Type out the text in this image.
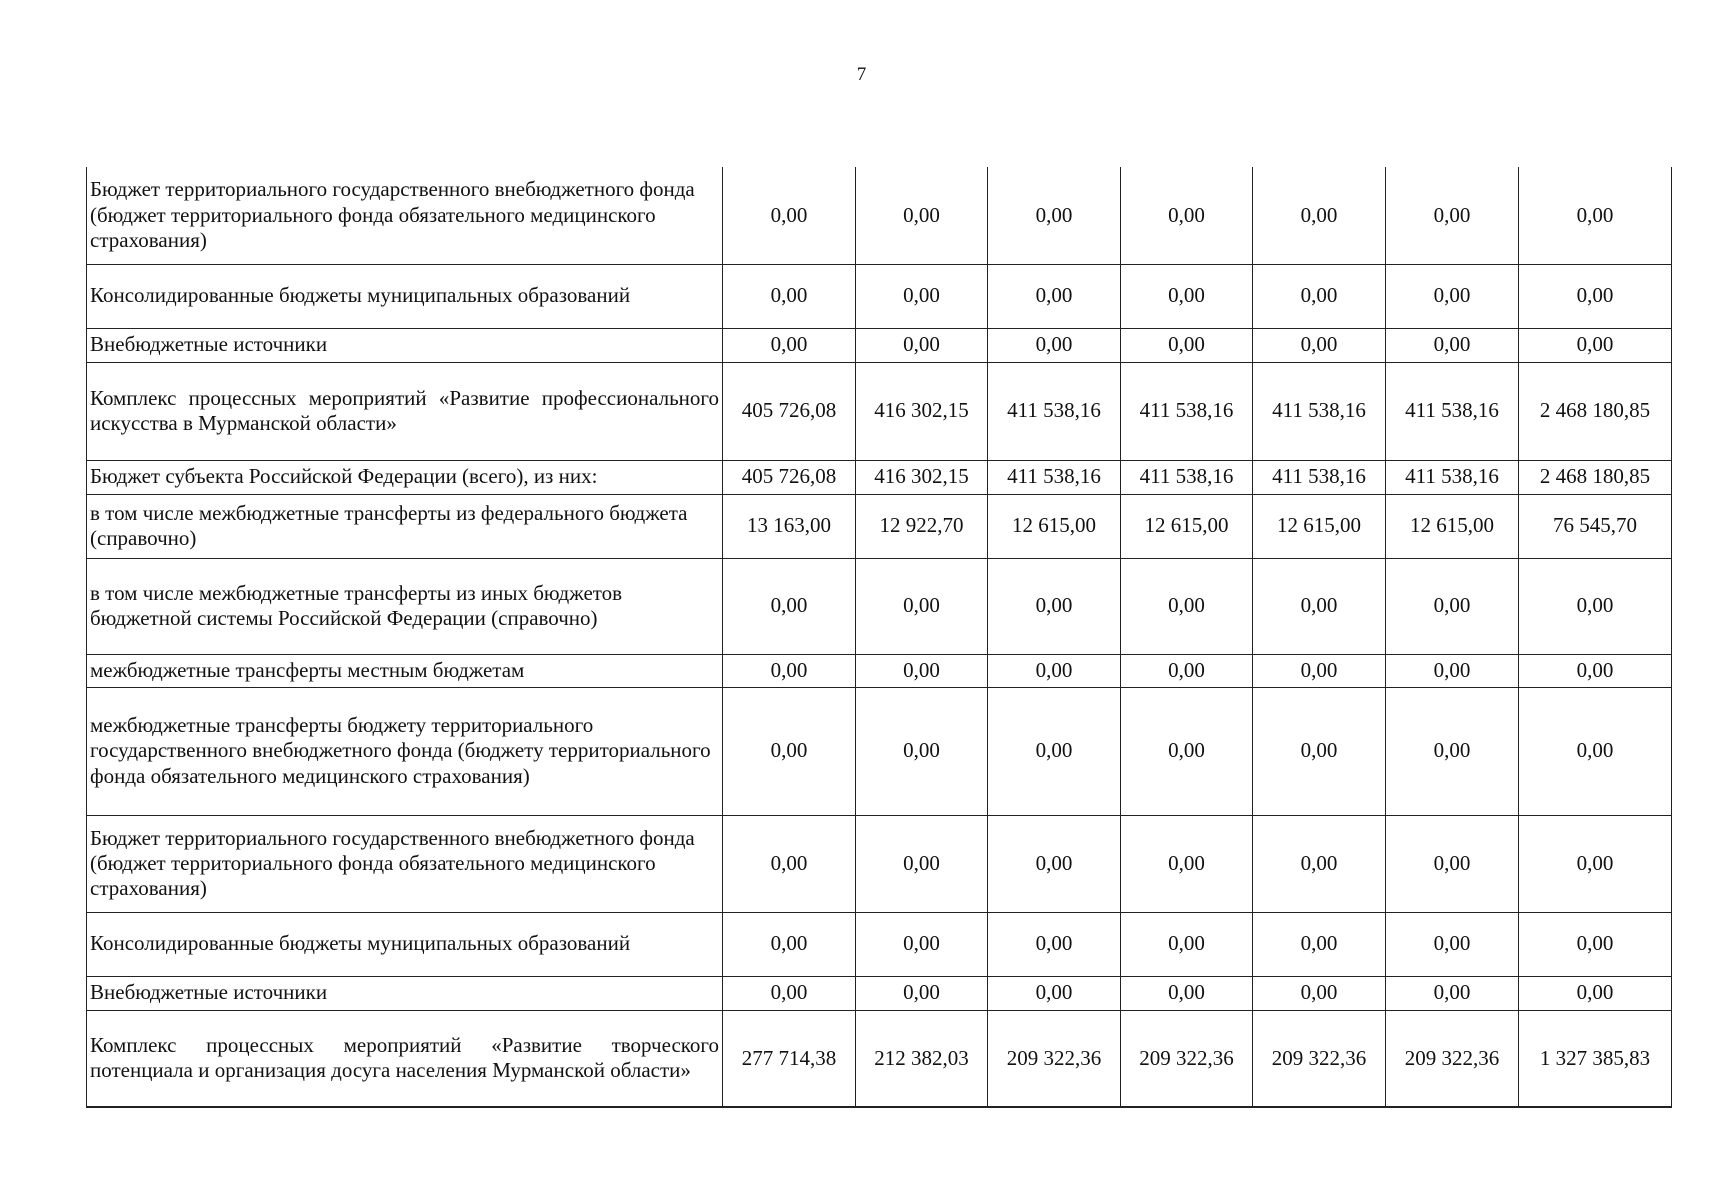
7
Бюджет территориального государственного внебюджетного фонда (бюджет территориального фонда обязательного медицинского страхования)	0,00	0,00	0,00	0,00	0,00	0,00	0,00
Консолидированные бюджеты муниципальных образований	0,00	0,00	0,00	0,00	0,00	0,00	0,00
Внебюджетные источники	0,00	0,00	0,00	0,00	0,00	0,00	0,00
Комплекс процессных мероприятий «Развитие профессионального искусства в Мурманской области»	405 726,08	416 302,15	411 538,16	411 538,16	411 538,16	411 538,16	2 468 180,85
Бюджет субъекта Российской Федерации (всего), из них:	405 726,08	416 302,15	411 538,16	411 538,16	411 538,16	411 538,16	2 468 180,85
в том числе межбюджетные трансферты из федерального бюджета (справочно)	13 163,00	12 922,70	12 615,00	12 615,00	12 615,00	12 615,00	76 545,70
в том числе межбюджетные трансферты из иных бюджетов бюджетной системы Российской Федерации (справочно)	0,00	0,00	0,00	0,00	0,00	0,00	0,00
межбюджетные трансферты местным бюджетам	0,00	0,00	0,00	0,00	0,00	0,00	0,00
межбюджетные трансферты бюджету территориального государственного внебюджетного фонда (бюджету территориального фонда обязательного медицинского страхования)	0,00	0,00	0,00	0,00	0,00	0,00	0,00
Бюджет территориального государственного внебюджетного фонда (бюджет территориального фонда обязательного медицинского страхования)	0,00	0,00	0,00	0,00	0,00	0,00	0,00
Консолидированные бюджеты муниципальных образований	0,00	0,00	0,00	0,00	0,00	0,00	0,00
Внебюджетные источники	0,00	0,00	0,00	0,00	0,00	0,00	0,00
Комплекс процессных мероприятий «Развитие творческого потенциала и организация досуга населения Мурманской области»	277 714,38	212 382,03	209 322,36	209 322,36	209 322,36	209 322,36	1 327 385,83
